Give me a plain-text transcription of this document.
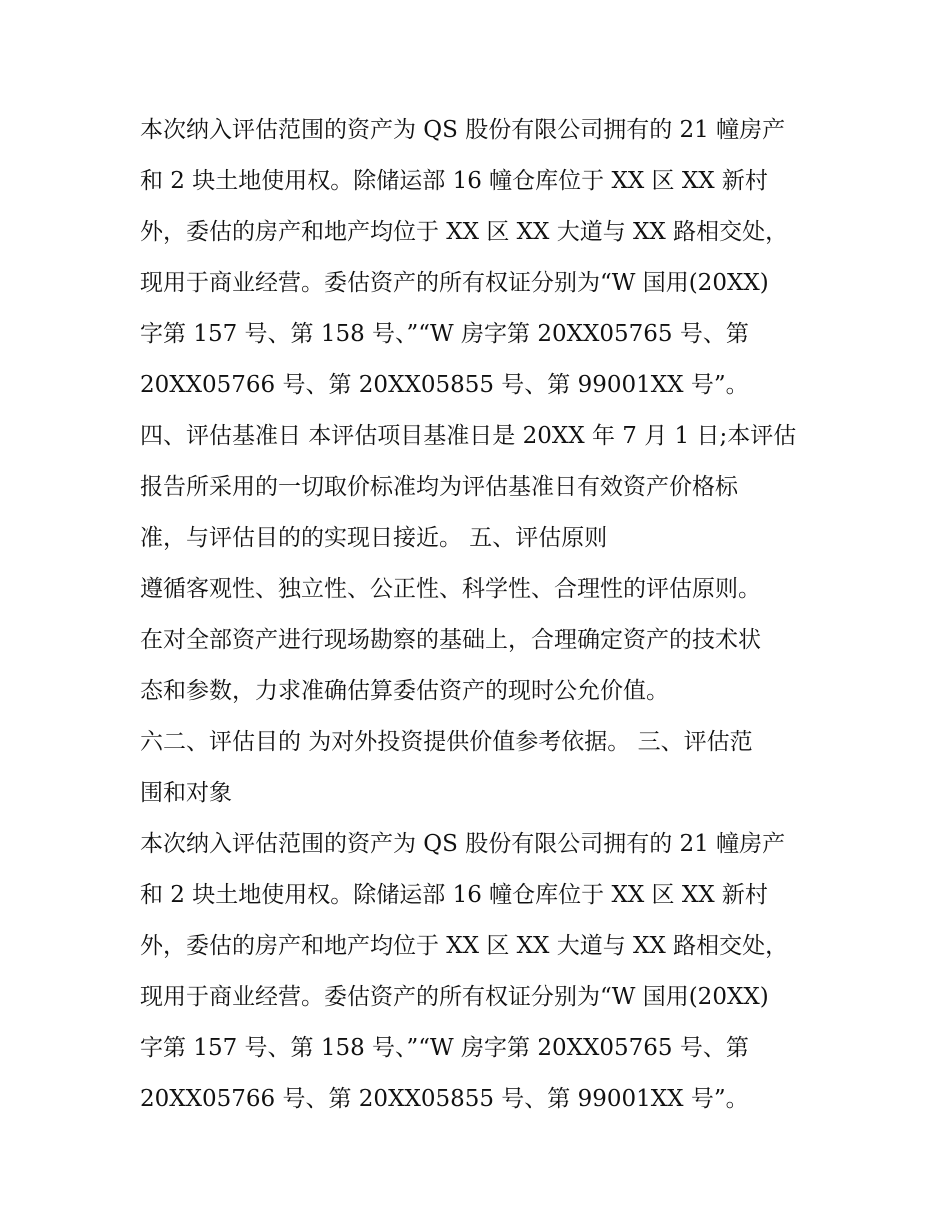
本次纳入评估范围的资产为 QS 股份有限公司拥有的 21 幢房产
和 2 块土地使用权。除储运部 16 幢仓库位于 XX 区 XX 新村
外，委估的房产和地产均位于 XX 区 XX 大道与 XX 路相交处，
现用于商业经营。委估资产的所有权证分别为“W 国用(20XX)
字第 157 号、第 158 号、”“W 房字第 20XX05765 号、第
20XX05766 号、第 20XX05855 号、第 99001XX 号”。
四、评估基准日 本评估项目基准日是 20XX 年 7 月 1 日;本评估
报告所采用的一切取价标准均为评估基准日有效资产价格标
准，与评估目的的实现日接近。 五、评估原则
遵循客观性、独立性、公正性、科学性、合理性的评估原则。
在对全部资产进行现场勘察的基础上，合理确定资产的技术状
态和参数，力求准确估算委估资产的现时公允价值。
六二、评估目的 为对外投资提供价值参考依据。 三、评估范
围和对象
本次纳入评估范围的资产为 QS 股份有限公司拥有的 21 幢房产
和 2 块土地使用权。除储运部 16 幢仓库位于 XX 区 XX 新村
外，委估的房产和地产均位于 XX 区 XX 大道与 XX 路相交处，
现用于商业经营。委估资产的所有权证分别为“W 国用(20XX)
字第 157 号、第 158 号、”“W 房字第 20XX05765 号、第
20XX05766 号、第 20XX05855 号、第 99001XX 号”。
